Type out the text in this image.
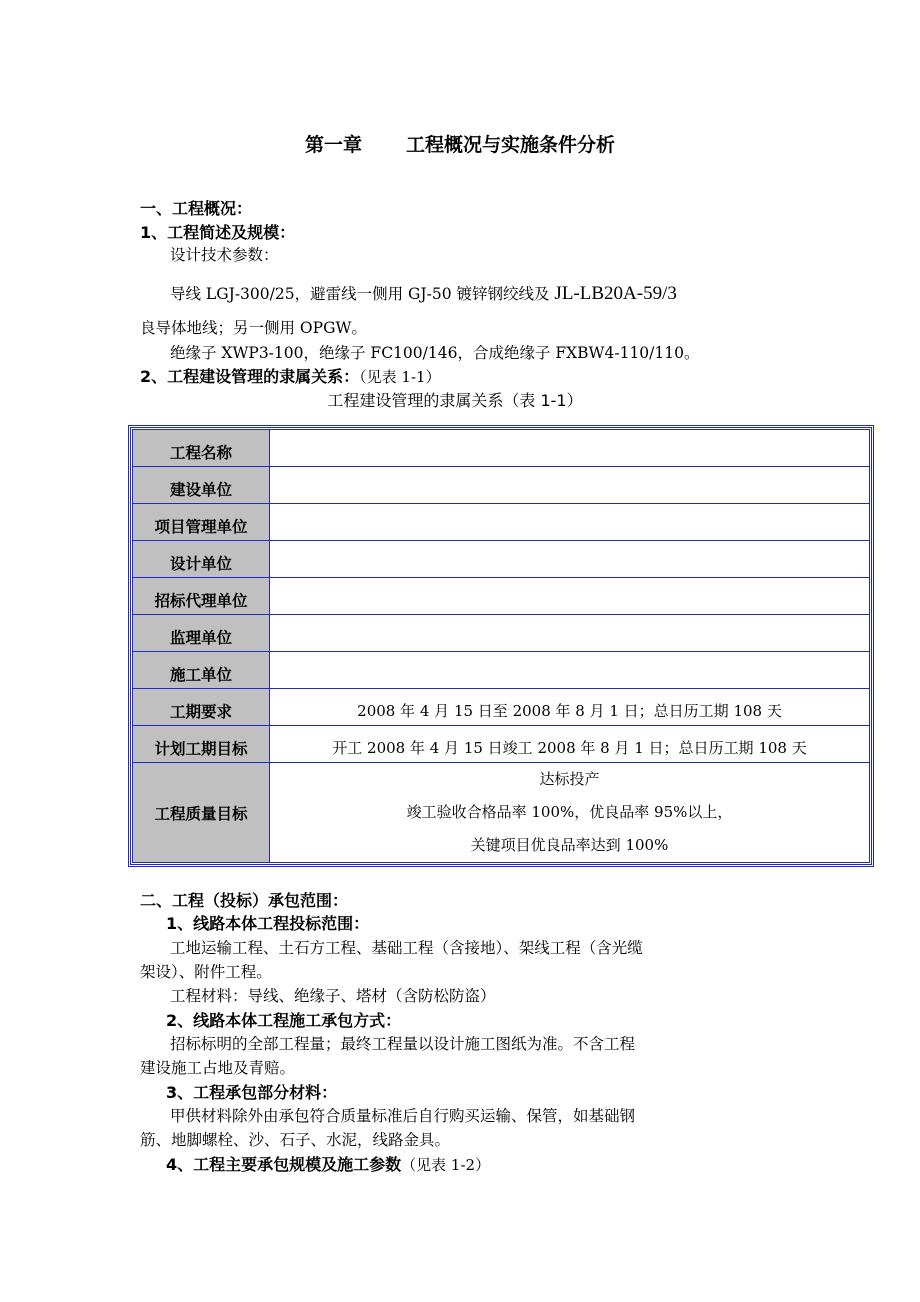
第一章 工程概况与实施条件分析
一、工程概况：
1、工程简述及规模：
设计技术参数：
导线 LGJ-300/25，避雷线一侧用 GJ-50 镀锌钢绞线及 JL-LB20A-59/3
良导体地线；另一侧用 OPGW。
绝缘子 XWP3-100，绝缘子 FC100/146，合成绝缘子 FXBW4-110/110。
2、工程建设管理的隶属关系：（见表 1-1）
工程建设管理的隶属关系（表 1-1）
工程名称	
建设单位	
项目管理单位	
设计单位	
招标代理单位	
监理单位	
施工单位	
工期要求	2008 年 4 月 15 日至 2008 年 8 月 1 日；总日历工期 108 天
计划工期目标	开工 2008 年 4 月 15 日竣工 2008 年 8 月 1 日；总日历工期 108 天
工程质量目标	达标投产
竣工验收合格品率 100%，优良品率 95%以上，
关键项目优良品率达到 100%
二、工程（投标）承包范围：
1、线路本体工程投标范围：
工地运输工程、土石方工程、基础工程（含接地）、架线工程（含光缆
架设）、附件工程。
工程材料：导线、绝缘子、塔材（含防松防盗）
2、线路本体工程施工承包方式：
招标标明的全部工程量；最终工程量以设计施工图纸为准。不含工程
建设施工占地及青赔。
3、工程承包部分材料：
甲供材料除外由承包符合质量标准后自行购买运输、保管，如基础钢
筋、地脚螺栓、沙、石子、水泥，线路金具。
4、工程主要承包规模及施工参数（见表 1-2）
